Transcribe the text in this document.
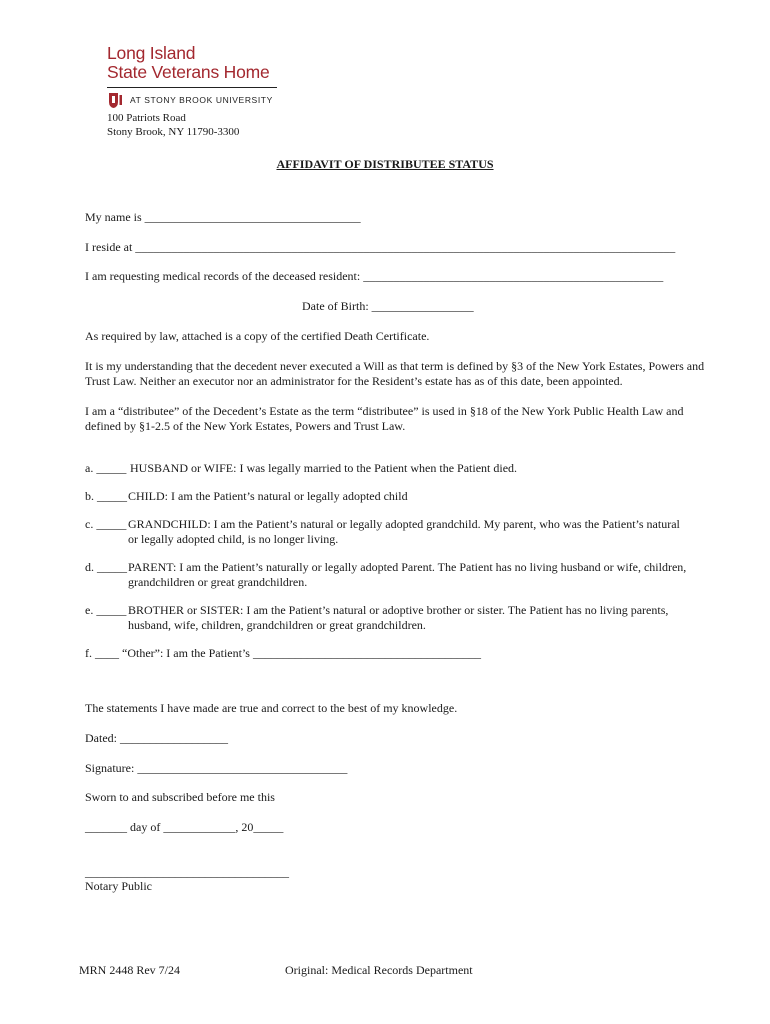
Long Island
State Veterans Home
AT STONY BROOK UNIVERSITY
100 Patriots Road
Stony Brook, NY 11790-3300
AFFIDAVIT OF DISTRIBUTEE STATUS
My name is ____________________________________
I reside at __________________________________________________________________________________________
I am requesting medical records of the deceased resident: __________________________________________________
Date of Birth: _________________
As required by law, attached is a copy of the certified Death Certificate.
It is my understanding that the decedent never executed a Will as that term is defined by §3 of the New York Estates, Powers and Trust Law. Neither an executor nor an administrator for the Resident’s estate has as of this date, been appointed.
I am a “distributee” of the Decedent’s Estate as the term “distributee” is used in §18 of the New York Public Health Law and defined by §1-2.5 of the New York Estates, Powers and Trust Law.
a. _____ HUSBAND or WIFE: I was legally married to the Patient when the Patient died.
b. _____ CHILD: I am the Patient’s natural or legally adopted child
c. _____ GRANDCHILD: I am the Patient’s natural or legally adopted grandchild. My parent, who was the Patient’s natural or legally adopted child, is no longer living.
d. _____ PARENT: I am the Patient’s naturally or legally adopted Parent. The Patient has no living husband or wife, children, grandchildren or great grandchildren.
e. _____ BROTHER or SISTER: I am the Patient’s natural or adoptive brother or sister. The Patient has no living parents, husband, wife, children, grandchildren or great grandchildren.
f. ____ “Other”: I am the Patient’s ______________________________________
The statements I have made are true and correct to the best of my knowledge.
Dated: __________________
Signature: ___________________________________
Sworn to and subscribed before me this
_______ day of ____________, 20_____
__________________________________
Notary Public
MRN 2448 Rev 7/24	Original: Medical Records Department
